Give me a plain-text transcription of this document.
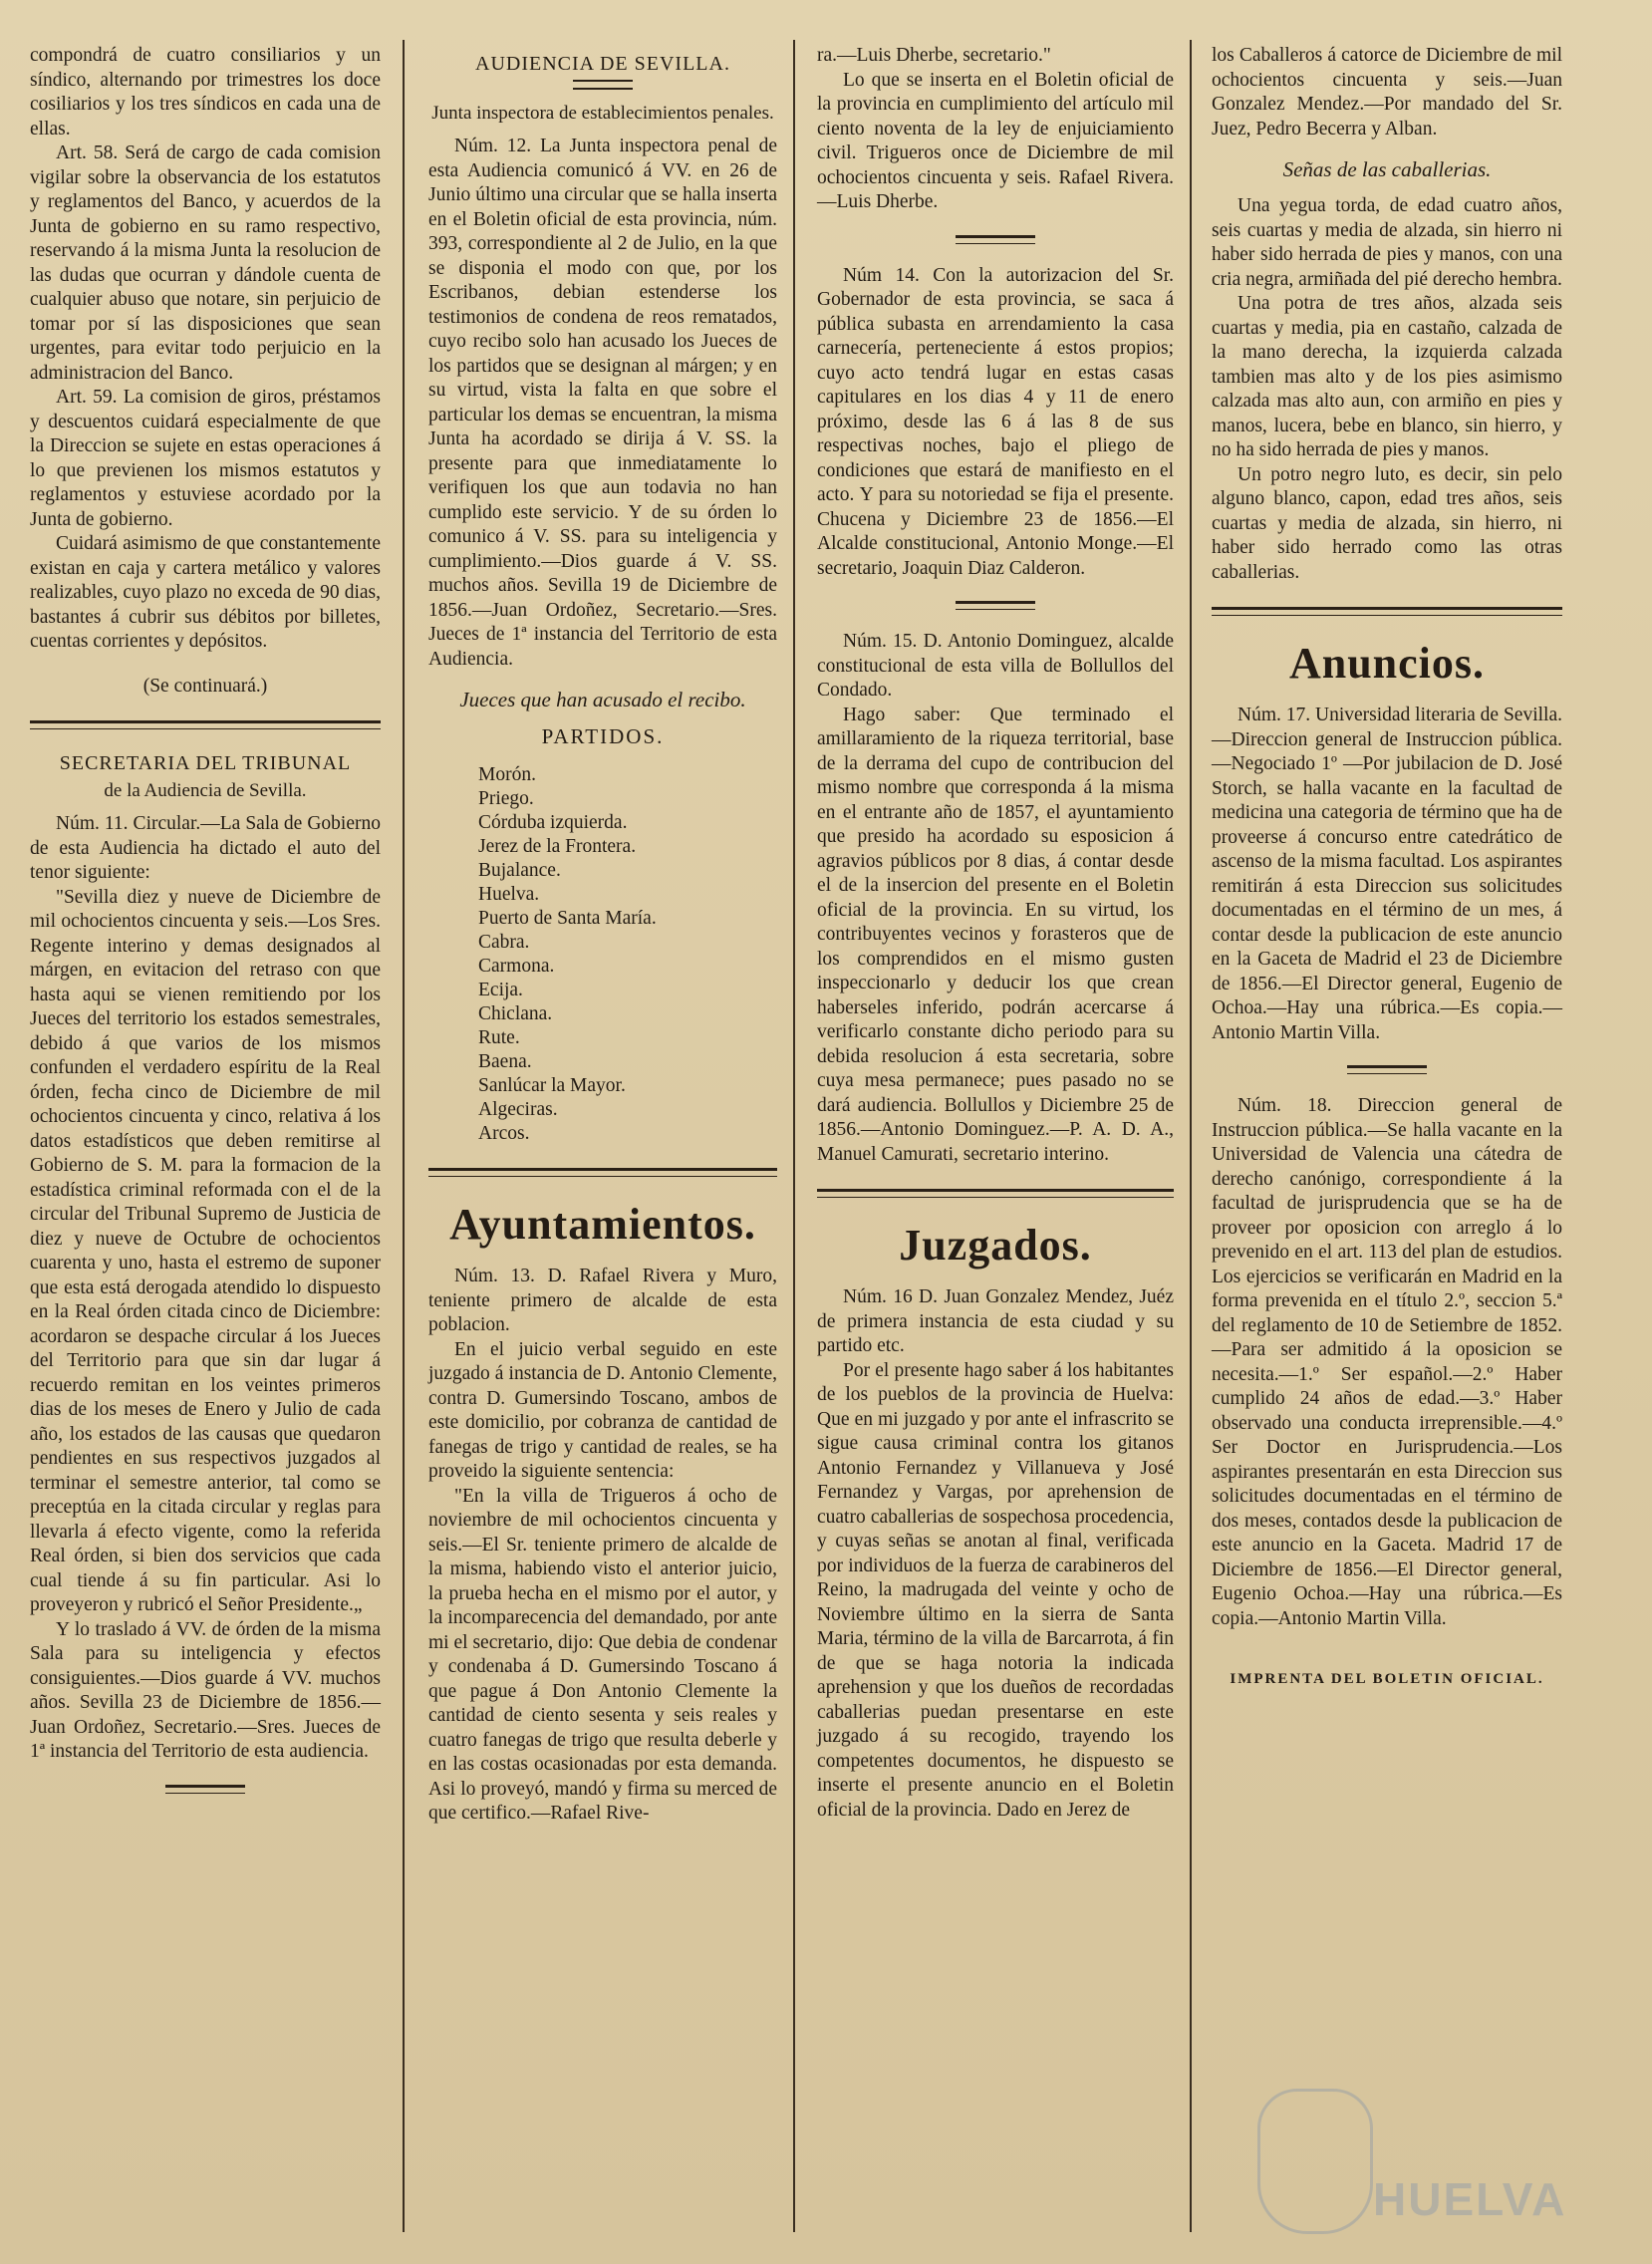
compondrá de cuatro consiliarios y un síndico, alternando por trimestres los doce cosiliarios y los tres síndicos en cada una de ellas.

Art. 58. Será de cargo de cada comision vigilar sobre la observancia de los estatutos y reglamentos del Banco, y acuerdos de la Junta de gobierno en su ramo respectivo, reservando á la misma Junta la resolucion de las dudas que ocurran y dándole cuenta de cualquier abuso que notare, sin perjuicio de tomar por sí las disposiciones que sean urgentes, para evitar todo perjuicio en la administracion del Banco.

Art. 59. La comision de giros, préstamos y descuentos cuidará especialmente de que la Direccion se sujete en estas operaciones á lo que previenen los mismos estatutos y reglamentos y estuviese acordado por la Junta de gobierno.

Cuidará asimismo de que constantemente existan en caja y cartera metálico y valores realizables, cuyo plazo no exceda de 90 dias, bastantes á cubrir sus débitos por billetes, cuentas corrientes y depósitos.

(Se continuará.)

SECRETARIA DEL TRIBUNAL
de la Audiencia de Sevilla.

Núm. 11. Circular.—La Sala de Gobierno de esta Audiencia ha dictado el auto del tenor siguiente:

"Sevilla diez y nueve de Diciembre de mil ochocientos cincuenta y seis.—Los Sres. Regente interino y demas designados al márgen, en evitacion del retraso con que hasta aqui se vienen remitiendo por los Jueces del territorio los estados semestrales, debido á que varios de los mismos confunden el verdadero espíritu de la Real órden, fecha cinco de Diciembre de mil ochocientos cincuenta y cinco, relativa á los datos estadísticos que deben remitirse al Gobierno de S. M. para la formacion de la estadística criminal reformada con el de la circular del Tribunal Supremo de Justicia de diez y nueve de Octubre de ochocientos cuarenta y uno, hasta el estremo de suponer que esta está derogada atendido lo dispuesto en la Real órden citada cinco de Diciembre: acordaron se despache circular á los Jueces del Territorio para que sin dar lugar á recuerdo remitan en los veintes primeros dias de los meses de Enero y Julio de cada año, los estados de las causas que quedaron pendientes en sus respectivos juzgados al terminar el semestre anterior, tal como se preceptúa en la citada circular y reglas para llevarla á efecto vigente, como la referida Real órden, si bien dos servicios que cada cual tiende á su fin particular. Asi lo proveyeron y rubricó el Señor Presidente.„

Y lo traslado á VV. de órden de la misma Sala para su inteligencia y efectos consiguientes.—Dios guarde á VV. muchos años. Sevilla 23 de Diciembre de 1856.—Juan Ordoñez, Secretario.—Sres. Jueces de 1ª instancia del Territorio de esta audiencia.

AUDIENCIA DE SEVILLA.
Junta inspectora de establecimientos penales.

Núm. 12. La Junta inspectora penal de esta Audiencia comunicó á VV. en 26 de Junio último una circular que se halla inserta en el Boletin oficial de esta provincia, núm. 393, correspondiente al 2 de Julio, en la que se disponia el modo con que, por los Escribanos, debian estenderse los testimonios de condena de reos rematados, cuyo recibo solo han acusado los Jueces de los partidos que se designan al márgen; y en su virtud, vista la falta en que sobre el particular los demas se encuentran, la misma Junta ha acordado se dirija á V. SS. la presente para que inmediatamente lo verifiquen los que aun todavia no han cumplido este servicio. Y de su órden lo comunico á V. SS. para su inteligencia y cumplimiento.—Dios guarde á V. SS. muchos años. Sevilla 19 de Diciembre de 1856.—Juan Ordoñez, Secretario.—Sres. Jueces de 1ª instancia del Territorio de esta Audiencia.

Jueces que han acusado el recibo.
PARTIDOS.
Morón.
Priego.
Córduba izquierda.
Jerez de la Frontera.
Bujalance.
Huelva.
Puerto de Santa María.
Cabra.
Carmona.
Ecija.
Chiclana.
Rute.
Baena.
Sanlúcar la Mayor.
Algeciras.
Arcos.
Ayuntamientos.

Núm. 13. D. Rafael Rivera y Muro, teniente primero de alcalde de esta poblacion.

En el juicio verbal seguido en este juzgado á instancia de D. Antonio Clemente, contra D. Gumersindo Toscano, ambos de este domicilio, por cobranza de cantidad de fanegas de trigo y cantidad de reales, se ha proveido la siguiente sentencia:

"En la villa de Trigueros á ocho de noviembre de mil ochocientos cincuenta y seis.—El Sr. teniente primero de alcalde de la misma, habiendo visto el anterior juicio, la prueba hecha en el mismo por el autor, y la incomparecencia del demandado, por ante mi el secretario, dijo: Que debia de condenar y condenaba á D. Gumersindo Toscano á que pague á Don Antonio Clemente la cantidad de ciento sesenta y seis reales y cuatro fanegas de trigo que resulta deberle y en las costas ocasionadas por esta demanda. Asi lo proveyó, mandó y firma su merced de que certifico.—Rafael Rive-

ra.—Luis Dherbe, secretario."

Lo que se inserta en el Boletin oficial de la provincia en cumplimiento del artículo mil ciento noventa de la ley de enjuiciamiento civil. Trigueros once de Diciembre de mil ochocientos cincuenta y seis. Rafael Rivera.—Luis Dherbe.

Núm 14. Con la autorizacion del Sr. Gobernador de esta provincia, se saca á pública subasta en arrendamiento la casa carnecería, perteneciente á estos propios; cuyo acto tendrá lugar en estas casas capitulares en los dias 4 y 11 de enero próximo, desde las 6 á las 8 de sus respectivas noches, bajo el pliego de condiciones que estará de manifiesto en el acto. Y para su notoriedad se fija el presente. Chucena y Diciembre 23 de 1856.—El Alcalde constitucional, Antonio Monge.—El secretario, Joaquin Diaz Calderon.

Núm. 15. D. Antonio Dominguez, alcalde constitucional de esta villa de Bollullos del Condado.

Hago saber: Que terminado el amillaramiento de la riqueza territorial, base de la derrama del cupo de contribucion del mismo nombre que corresponda á la misma en el entrante año de 1857, el ayuntamiento que presido ha acordado su esposicion á agravios públicos por 8 dias, á contar desde el de la insercion del presente en el Boletin oficial de la provincia. En su virtud, los contribuyentes vecinos y forasteros que de los comprendidos en el mismo gusten inspeccionarlo y deducir los que crean haberseles inferido, podrán acercarse á verificarlo constante dicho periodo para su debida resolucion á esta secretaria, sobre cuya mesa permanece; pues pasado no se dará audiencia. Bollullos y Diciembre 25 de 1856.—Antonio Dominguez.—P. A. D. A., Manuel Camurati, secretario interino.

Juzgados.

Núm. 16 D. Juan Gonzalez Mendez, Juéz de primera instancia de esta ciudad y su partido etc.

Por el presente hago saber á los habitantes de los pueblos de la provincia de Huelva: Que en mi juzgado y por ante el infrascrito se sigue causa criminal contra los gitanos Antonio Fernandez y Villanueva y José Fernandez y Vargas, por aprehension de cuatro caballerias de sospechosa procedencia, y cuyas señas se anotan al final, verificada por individuos de la fuerza de carabineros del Reino, la madrugada del veinte y ocho de Noviembre último en la sierra de Santa Maria, término de la villa de Barcarrota, á fin de que se haga notoria la indicada aprehension y que los dueños de recordadas caballerias puedan presentarse en este juzgado á su recogido, trayendo los competentes documentos, he dispuesto se inserte el presente anuncio en el Boletin oficial de la provincia. Dado en Jerez de

los Caballeros á catorce de Diciembre de mil ochocientos cincuenta y seis.—Juan Gonzalez Mendez.—Por mandado del Sr. Juez, Pedro Becerra y Alban.

Señas de las caballerias.

Una yegua torda, de edad cuatro años, seis cuartas y media de alzada, sin hierro ni haber sido herrada de pies y manos, con una cria negra, armiñada del pié derecho hembra.

Una potra de tres años, alzada seis cuartas y media, pia en castaño, calzada de la mano derecha, la izquierda calzada tambien mas alto y de los pies asimismo calzada mas alto aun, con armiño en pies y manos, lucera, bebe en blanco, sin hierro, y no ha sido herrada de pies y manos.

Un potro negro luto, es decir, sin pelo alguno blanco, capon, edad tres años, seis cuartas y media de alzada, sin hierro, ni haber sido herrado como las otras caballerias.

Anuncios.

Núm. 17. Universidad literaria de Sevilla.—Direccion general de Instruccion pública.—Negociado 1º —Por jubilacion de D. José Storch, se halla vacante en la facultad de medicina una categoria de término que ha de proveerse á concurso entre catedrático de ascenso de la misma facultad. Los aspirantes remitirán á esta Direccion sus solicitudes documentadas en el término de un mes, á contar desde la publicacion de este anuncio en la Gaceta de Madrid el 23 de Diciembre de 1856.—El Director general, Eugenio de Ochoa.—Hay una rúbrica.—Es copia.—Antonio Martin Villa.

Núm. 18. Direccion general de Instruccion pública.—Se halla vacante en la Universidad de Valencia una cátedra de derecho canónigo, correspondiente á la facultad de jurisprudencia que se ha de proveer por oposicion con arreglo á lo prevenido en el art. 113 del plan de estudios. Los ejercicios se verificarán en Madrid en la forma prevenida en el título 2.º, seccion 5.ª del reglamento de 10 de Setiembre de 1852.—Para ser admitido á la oposicion se necesita.—1.º Ser español.—2.º Haber cumplido 24 años de edad.—3.º Haber observado una conducta irreprensible.—4.º Ser Doctor en Jurisprudencia.—Los aspirantes presentarán en esta Direccion sus solicitudes documentadas en el término de dos meses, contados desde la publicacion de este anuncio en la Gaceta. Madrid 17 de Diciembre de 1856.—El Director general, Eugenio Ochoa.—Hay una rúbrica.—Es copia.—Antonio Martin Villa.

IMPRENTA DEL BOLETIN OFICIAL.
HUELVA
